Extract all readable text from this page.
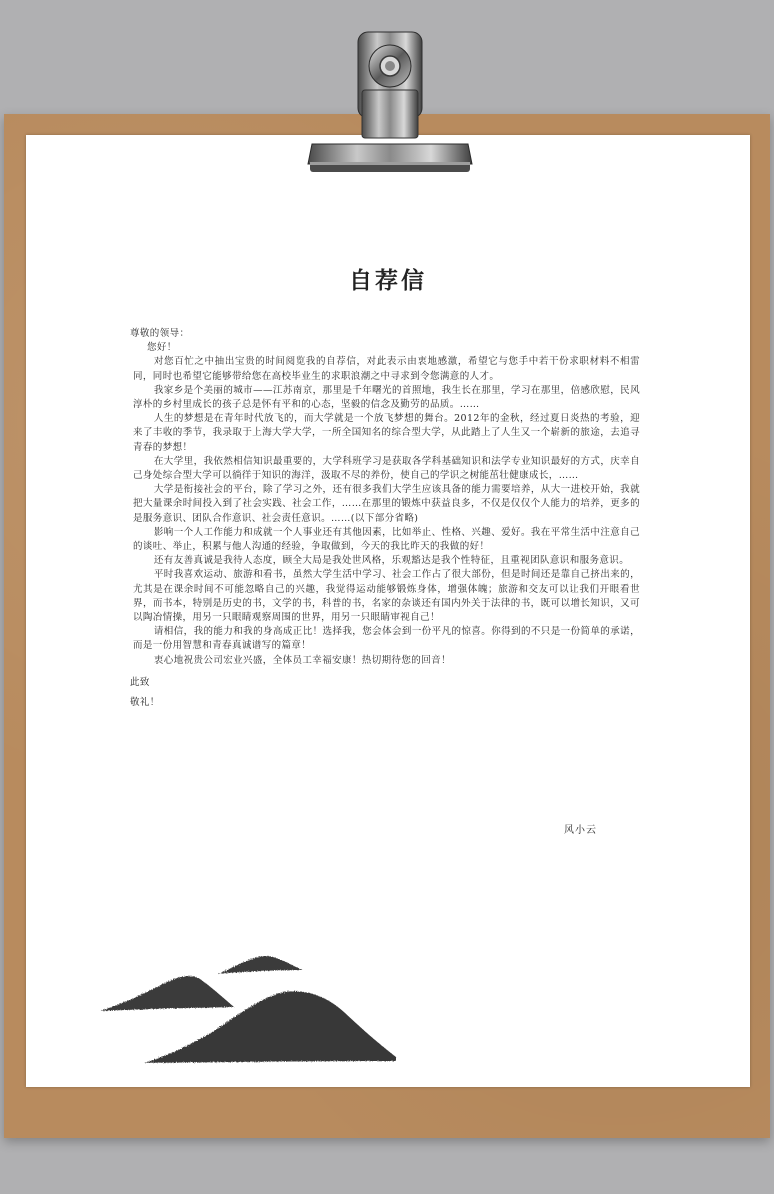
自荐信

尊敬的领导：

您好！

对您百忙之中抽出宝贵的时间阅览我的自荐信，对此表示由衷地感激，希望它与您手中若干份求职材料不相雷同，同时也希望它能够带给您在高校毕业生的求职浪潮之中寻求到令您满意的人才。

我家乡是个美丽的城市——江苏南京，那里是千年曙光的首照地，我生长在那里，学习在那里，倍感欣慰，民风淳朴的乡村里成长的孩子总是怀有平和的心态，坚毅的信念及勤劳的品质。……

人生的梦想是在青年时代放飞的，而大学就是一个放飞梦想的舞台。2012年的金秋，经过夏日炎热的考验，迎来了丰收的季节，我录取于上海大学大学，一所全国知名的综合型大学，从此踏上了人生又一个崭新的旅途，去追寻青春的梦想！

在大学里，我依然相信知识最重要的，大学科班学习是获取各学科基础知识和法学专业知识最好的方式，庆幸自己身处综合型大学可以徜徉于知识的海洋，汲取不尽的养份，使自己的学识之树能茁壮健康成长，……

大学是衔接社会的平台，除了学习之外，还有很多我们大学生应该具备的能力需要培养，从大一进校开始，我就把大量课余时间投入到了社会实践、社会工作，……在那里的锻炼中获益良多，不仅是仅仅个人能力的培养，更多的是服务意识、团队合作意识、社会责任意识。……(以下部分省略)

影响一个人工作能力和成就一个人事业还有其他因素，比如举止、性格、兴趣、爱好。我在平常生活中注意自己的谈吐、举止，积累与他人沟通的经验，争取做到，今天的我比昨天的我做的好！

还有友善真诚是我待人态度，顾全大局是我处世风格，乐观豁达是我个性特征，且重视团队意识和服务意识。

平时我喜欢运动、旅游和看书，虽然大学生活中学习、社会工作占了很大部份，但是时间还是靠自己挤出来的，尤其是在课余时间不可能忽略自己的兴趣，我觉得运动能够锻炼身体，增强体魄；旅游和交友可以让我们开眼看世界，而书本，特别是历史的书，文学的书，科普的书，名家的杂谈还有国内外关于法律的书，既可以增长知识，又可以陶冶情操，用另一只眼睛观察周围的世界，用另一只眼睛审视自己！

请相信，我的能力和我的身高成正比！选择我，您会体会到一份平凡的惊喜。你得到的不只是一份简单的承诺，而是一份用智慧和青春真诚谱写的篇章！

衷心地祝贵公司宏业兴盛，全体员工幸福安康！热切期待您的回音！

此致

敬礼！

风小云
